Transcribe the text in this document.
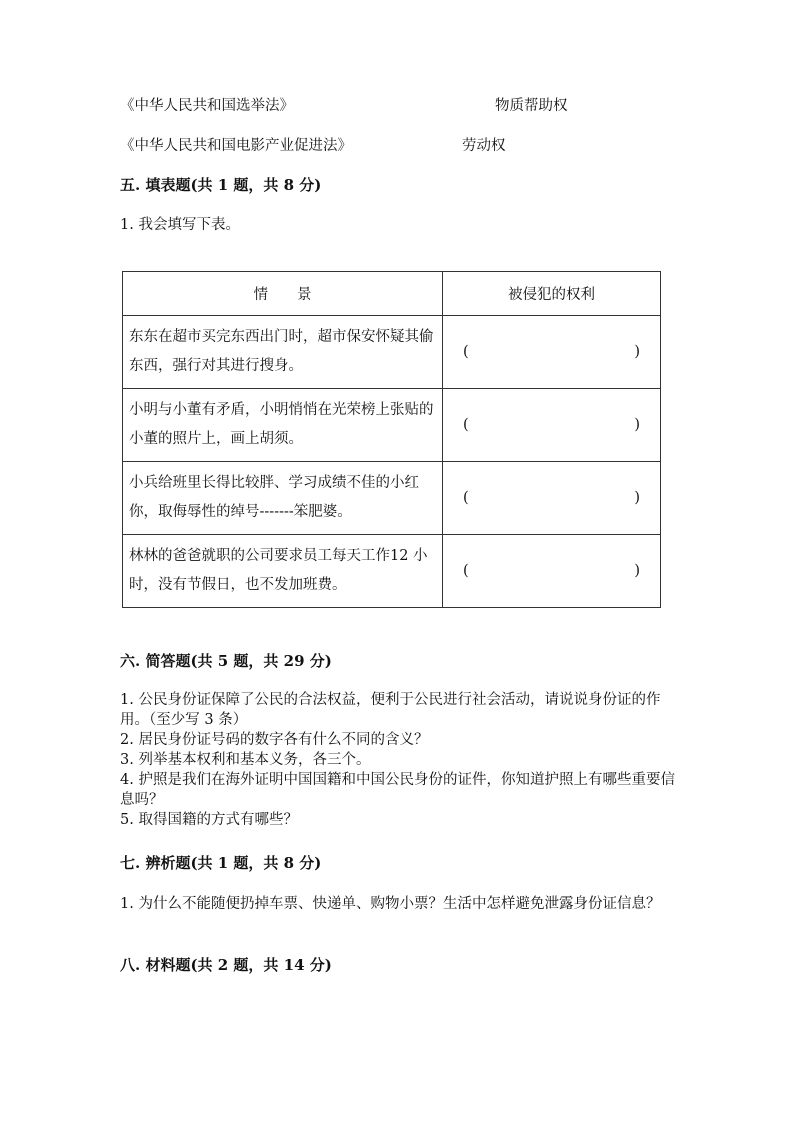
《中华人民共和国选举法》	物质帮助权
《中华人民共和国电影产业促进法》	劳动权
五. 填表题(共 1 题，共 8 分)
1. 我会填写下表。
情　　景	被侵犯的权利
东东在超市买完东西出门时，超市保安怀疑其偷东西，强行对其进行搜身。	( )

小明与小董有矛盾，小明悄悄在光荣榜上张贴的小董的照片上，画上胡须。	( )

小兵给班里长得比较胖、学习成绩不佳的小红你，取侮辱性的绰号-------笨肥婆。	( )

林林的爸爸就职的公司要求员工每天工作12 小时，没有节假日，也不发加班费。	( )
六. 简答题(共 5 题，共 29 分)
1. 公民身份证保障了公民的合法权益，便利于公民进行社会活动，请说说身份证的作用。（至少写 3 条）
2. 居民身份证号码的数字各有什么不同的含义？
3. 列举基本权利和基本义务，各三个。
4. 护照是我们在海外证明中国国籍和中国公民身份的证件，你知道护照上有哪些重要信息吗？
5. 取得国籍的方式有哪些？
七. 辨析题(共 1 题，共 8 分)
1. 为什么不能随便扔掉车票、快递单、购物小票？生活中怎样避免泄露身份证信息？
八. 材料题(共 2 题，共 14 分)
